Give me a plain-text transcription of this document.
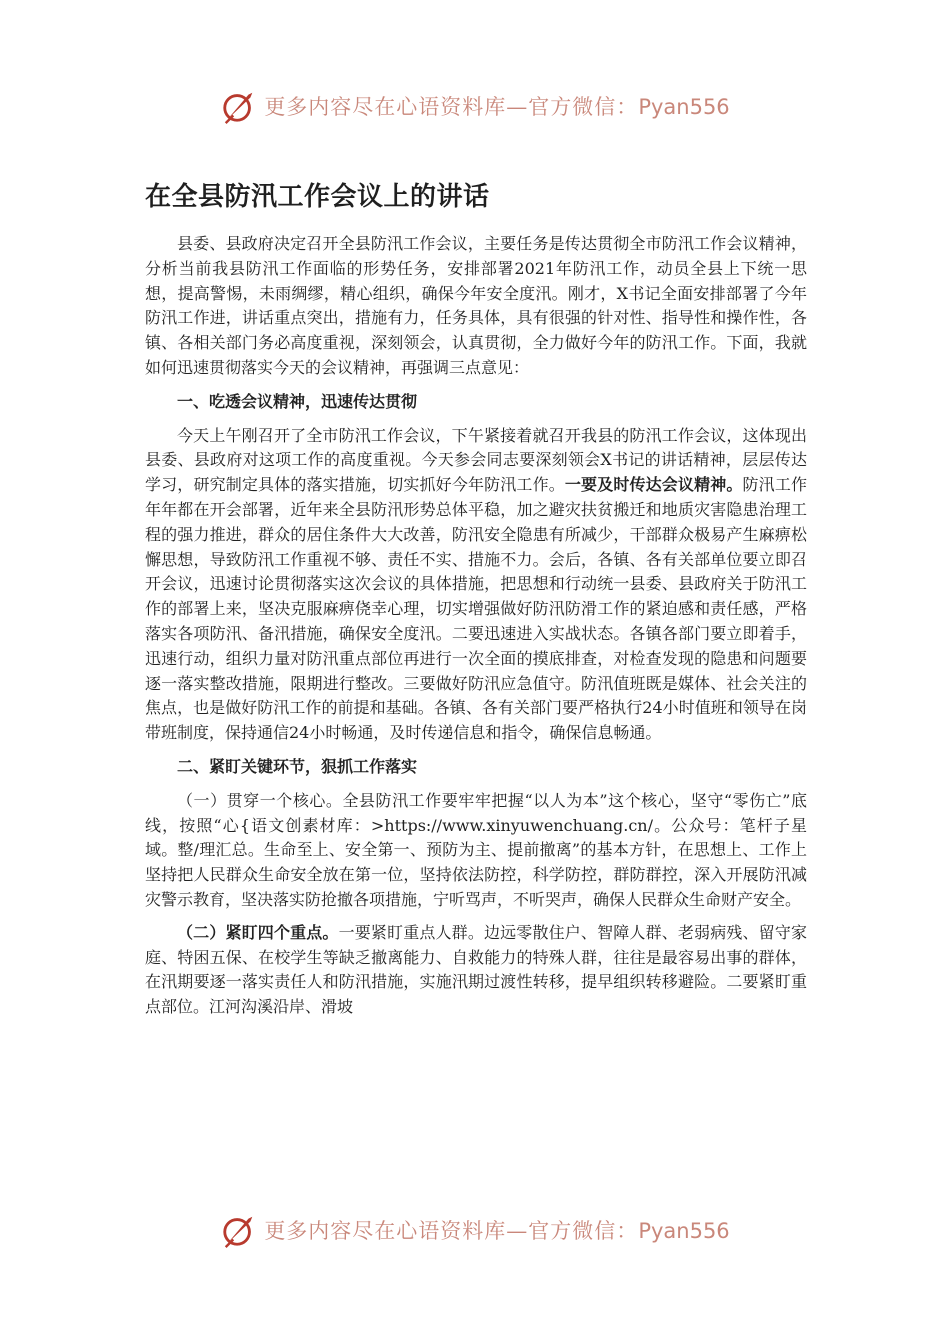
更多内容尽在心语资料库—官方微信：Pyan556
在全县防汛工作会议上的讲话

县委、县政府决定召开全县防汛工作会议，主要任务是传达贯彻全市防汛工作会议精神，分析当前我县防汛工作面临的形势任务，安排部署2021年防汛工作，动员全县上下统一思想，提高警惕，未雨绸缪，精心组织，确保今年安全度汛。刚才，X书记全面安排部署了今年防汛工作进，讲话重点突出，措施有力，任务具体，具有很强的针对性、指导性和操作性，各镇、各相关部门务必高度重视，深刻领会，认真贯彻，全力做好今年的防汛工作。下面，我就如何迅速贯彻落实今天的会议精神，再强调三点意见：

一、吃透会议精神，迅速传达贯彻

今天上午刚召开了全市防汛工作会议，下午紧接着就召开我县的防汛工作会议，这体现出县委、县政府对这项工作的高度重视。今天参会同志要深刻领会X书记的讲话精神，层层传达学习，研究制定具体的落实措施，切实抓好今年防汛工作。一要及时传达会议精神。防汛工作年年都在开会部署，近年来全县防汛形势总体平稳，加之避灾扶贫搬迁和地质灾害隐患治理工程的强力推进，群众的居住条件大大改善，防汛安全隐患有所减少，干部群众极易产生麻痹松懈思想，导致防汛工作重视不够、责任不实、措施不力。会后，各镇、各有关部单位要立即召开会议，迅速讨论贯彻落实这次会议的具体措施，把思想和行动统一县委、县政府关于防汛工作的部署上来，坚决克服麻痹侥幸心理，切实增强做好防汛防滑工作的紧迫感和责任感，严格落实各项防汛、备汛措施，确保安全度汛。二要迅速进入实战状态。各镇各部门要立即着手，迅速行动，组织力量对防汛重点部位再进行一次全面的摸底排查，对检查发现的隐患和问题要逐一落实整改措施，限期进行整改。三要做好防汛应急值守。防汛值班既是媒体、社会关注的焦点，也是做好防汛工作的前提和基础。各镇、各有关部门要严格执行24小时值班和领导在岗带班制度，保持通信24小时畅通，及时传递信息和指令，确保信息畅通。

二、紧盯关键环节，狠抓工作落实

（一）贯穿一个核心。全县防汛工作要牢牢把握“以人为本”这个核心，坚守“零伤亡”底线，按照“心{语文创素材库：>https://www.xinyuwenchuang.cn/。公众号：笔杆子星域。整/理汇总。生命至上、安全第一、预防为主、提前撤离”的基本方针，在思想上、工作上坚持把人民群众生命安全放在第一位，坚持依法防控，科学防控，群防群控，深入开展防汛减灾警示教育，坚决落实防抢撤各项措施，宁听骂声，不听哭声，确保人民群众生命财产安全。

（二）紧盯四个重点。一要紧盯重点人群。边远零散住户、智障人群、老弱病残、留守家庭、特困五保、在校学生等缺乏撤离能力、自救能力的特殊人群，往往是最容易出事的群体，在汛期要逐一落实责任人和防汛措施，实施汛期过渡性转移，提早组织转移避险。二要紧盯重点部位。江河沟溪沿岸、滑坡

更多内容尽在心语资料库—官方微信：Pyan556
